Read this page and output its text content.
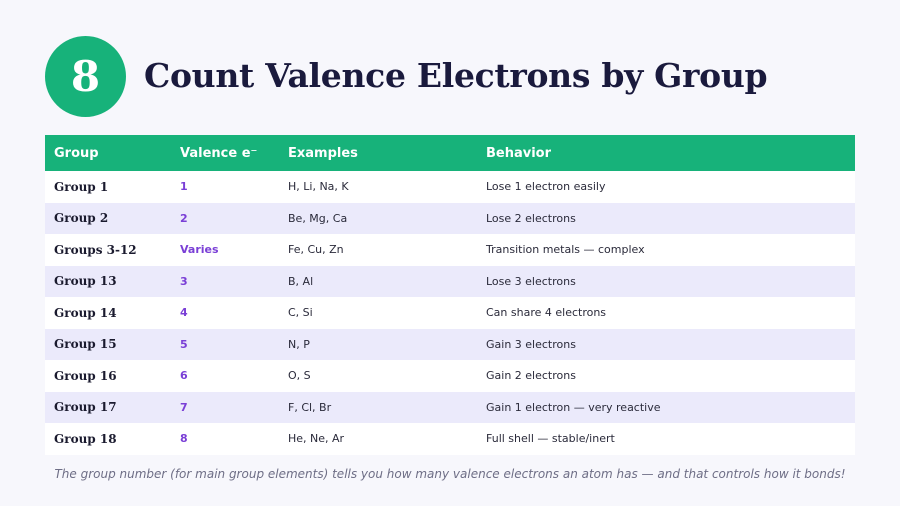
8	Count Valence Electrons by Group
Group	Valence e⁻	Examples	Behavior
Group 1	1	H, Li, Na, K	Lose 1 electron easily
Group 2	2	Be, Mg, Ca	Lose 2 electrons
Groups 3-12	Varies	Fe, Cu, Zn	Transition metals — complex
Group 13	3	B, Al	Lose 3 electrons
Group 14	4	C, Si	Can share 4 electrons
Group 15	5	N, P	Gain 3 electrons
Group 16	6	O, S	Gain 2 electrons
Group 17	7	F, Cl, Br	Gain 1 electron — very reactive
Group 18	8	He, Ne, Ar	Full shell — stable/inert

The group number (for main group elements) tells you how many valence electrons an atom has — and that controls how it bonds!
